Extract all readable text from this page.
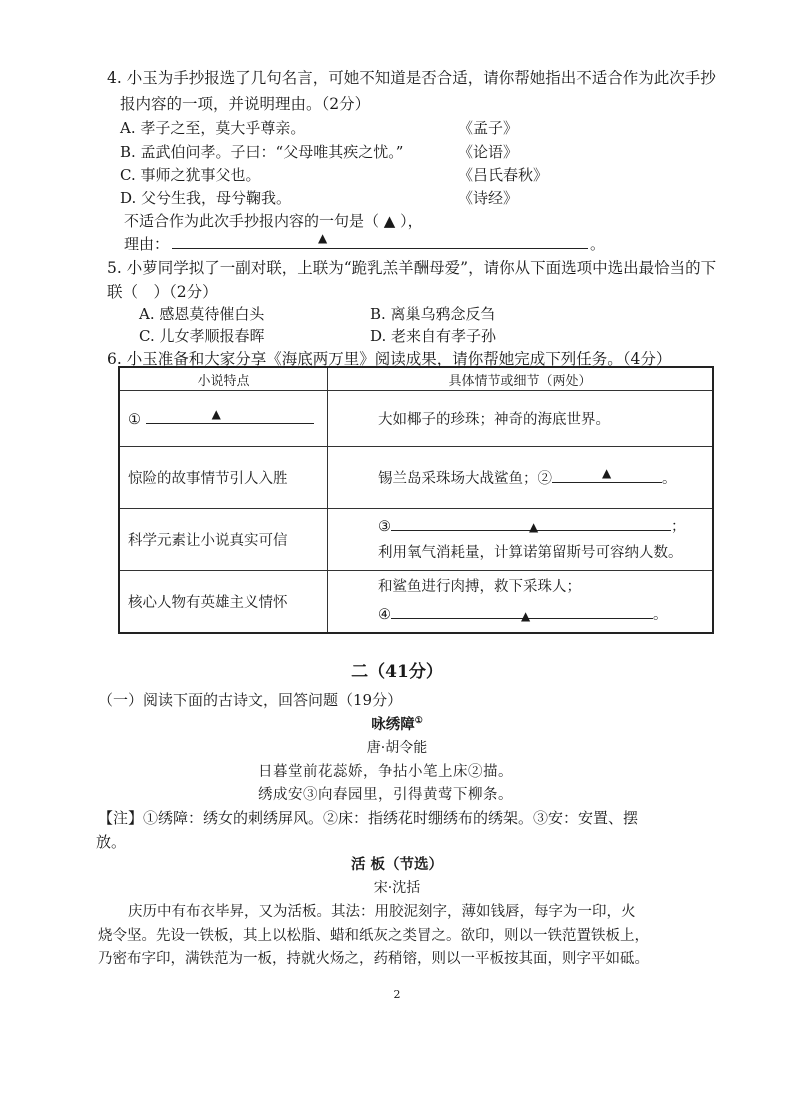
4. 小玉为手抄报选了几句名言，可她不知道是否合适，请你帮她指出不适合作为此次手抄
报内容的一项，并说明理由。（2分）
A. 孝子之至，莫大乎尊亲。	《孟子》
B. 孟武伯问孝。子曰：“父母唯其疾之忧。”	《论语》
C. 事师之犹事父也。	《吕氏春秋》
D. 父兮生我，母兮鞠我。	《诗经》
不适合作为此次手抄报内容的一句是（ ▲ ），
理由：	▲	。
5. 小萝同学拟了一副对联，上联为“跪乳羔羊酬母爱”，请你从下面选项中选出最恰当的下
联（　）（2分）
A. 感恩莫待催白头	B. 离巢乌鸦念反刍
C. 儿女孝顺报春晖	D. 老来自有孝子孙
6. 小玉准备和大家分享《海底两万里》阅读成果，请你帮她完成下列任务。（4分）
小说特点	具体情节或细节（两处）
① ▲	大如椰子的珍珠；神奇的海底世界。
惊险的故事情节引人入胜	锡兰岛采珠场大战鲨鱼；② ▲ 。
科学元素让小说真实可信	③ ▲ ；
利用氧气消耗量，计算诺第留斯号可容纳人数。

核心人物有英雄主义情怀	和鲨鱼进行肉搏，救下采珠人；
④ ▲ 。
二（41分）
（一）阅读下面的古诗文，回答问题（19分）
咏绣障①
唐·胡令能
日暮堂前花蕊娇，争拈小笔上床②描。
绣成安③向春园里，引得黄莺下柳条。
【注】①绣障：绣女的刺绣屏风。②床：指绣花时绷绣布的绣架。③安：安置、摆
放。
活 板（节选）
宋·沈括
庆历中有布衣毕昇，又为活板。其法：用胶泥刻字，薄如钱唇，每字为一印，火
烧令坚。先设一铁板，其上以松脂、蜡和纸灰之类冒之。欲印，则以一铁范置铁板上，
乃密布字印，满铁范为一板，持就火炀之，药稍镕，则以一平板按其面，则字平如砥。
2
